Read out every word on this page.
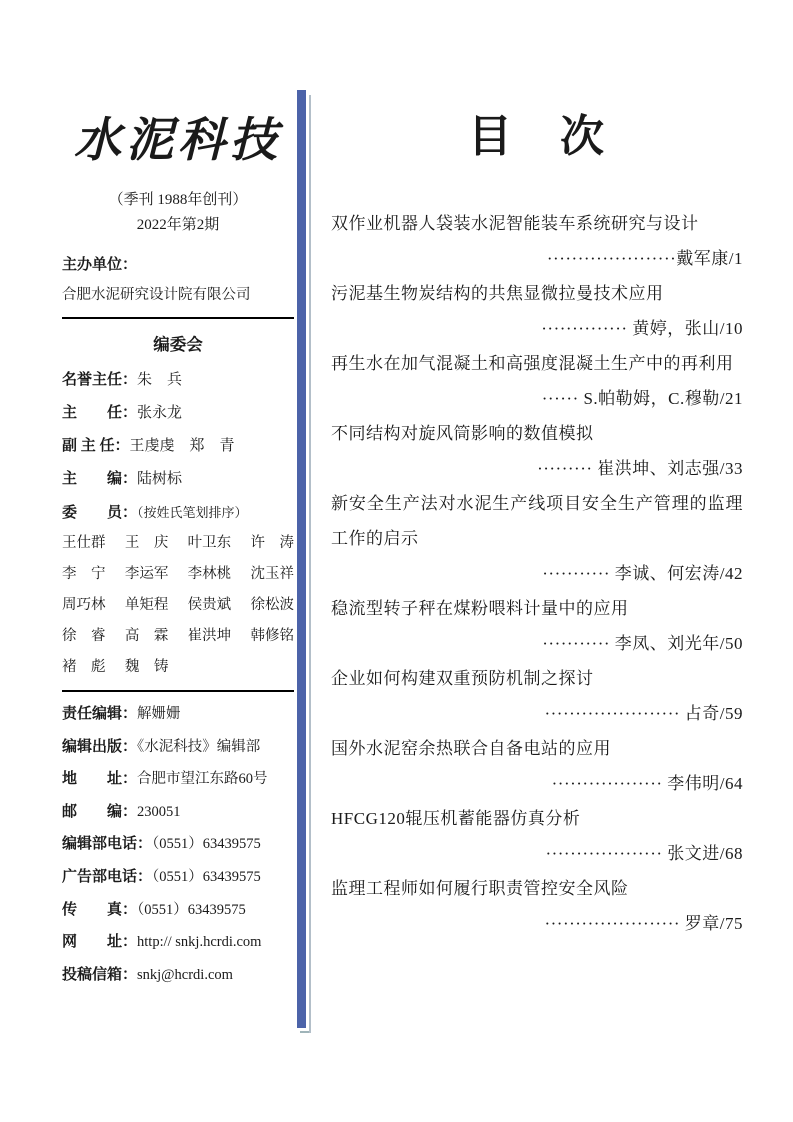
水泥科技
（季刊 1988年创刊）
2022年第2期
主办单位：
合肥水泥研究设计院有限公司
编委会
名誉主任：朱　兵
主　　任：张永龙
副 主 任：王虔虔　郑　青
主　　编：陆树标
委　　员：（按姓氏笔划排序）
王仕群 王　庆 叶卫东 许　涛
李　宁 李运军 李林桃 沈玉祥
周巧林 单矩程 侯贵斌 徐松波
徐　睿 高　霖 崔洪坤 韩修铭
褚　彪 魏　铸
责任编辑：解姗姗
编辑出版：《水泥科技》编辑部
地　　址：合肥市望江东路60号
邮　　编：230051
编辑部电话：（0551）63439575
广告部电话：（0551）63439575
传　　真：（0551）63439575
网　　址：http:// snkj.hcrdi.com
投稿信箱：snkj@hcrdi.com
目　次
双作业机器人袋装水泥智能装车系统研究与设计
·····················戴军康/1
污泥基生物炭结构的共焦显微拉曼技术应用
·············· 黄婷，张山/10
再生水在加气混凝土和高强度混凝土生产中的再利用
······ S.帕勒姆，C.穆勒/21
不同结构对旋风筒影响的数值模拟
········· 崔洪坤、刘志强/33
新安全生产法对水泥生产线项目安全生产管理的监理工作的启示
··········· 李诚、何宏涛/42
稳流型转子秤在煤粉喂料计量中的应用
··········· 李凤、刘光年/50
企业如何构建双重预防机制之探讨
······················ 占奇/59
国外水泥窑余热联合自备电站的应用
·················· 李伟明/64
HFCG120辊压机蓄能器仿真分析
··················· 张文进/68
监理工程师如何履行职责管控安全风险
······················ 罗章/75
